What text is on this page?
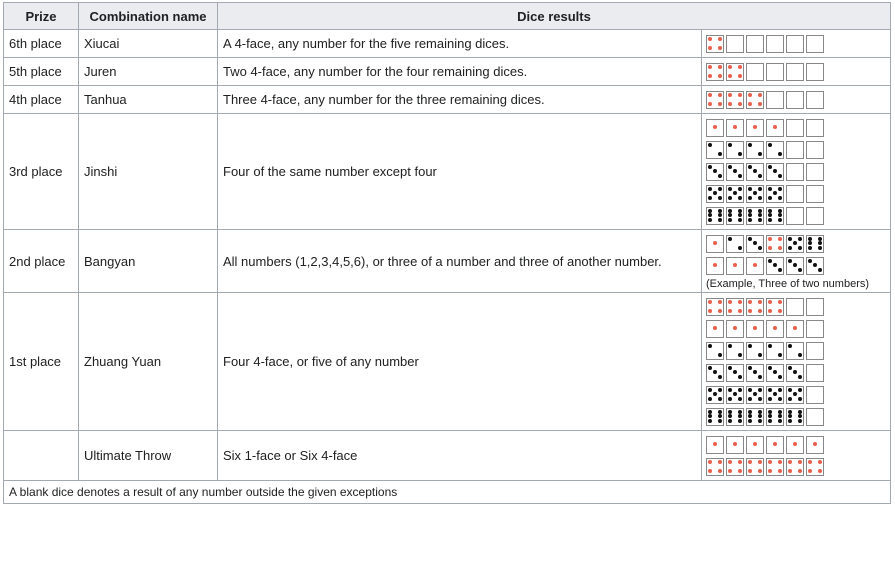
Prize	Combination name	Dice results	
6th place	Xiucai	A 4-face, any number for the five remaining dices.	

5th place	Juren	Two 4-face, any number for the four remaining dices.	

4th place	Tanhua	Three 4-face, any number for the three remaining dices.	

3rd place	Jinshi	Four of the same number except four	

2nd place	Bangyan	All numbers (1,2,3,4,5,6), or three of a number and three of another number.	(Example, Three of two numbers)

1st place	Zhuang Yuan	Four 4-face, or five of any number	

	Ultimate Throw	Six 1-face or Six 4-face	

A blank dice denotes a result of any number outside the given exceptions			
